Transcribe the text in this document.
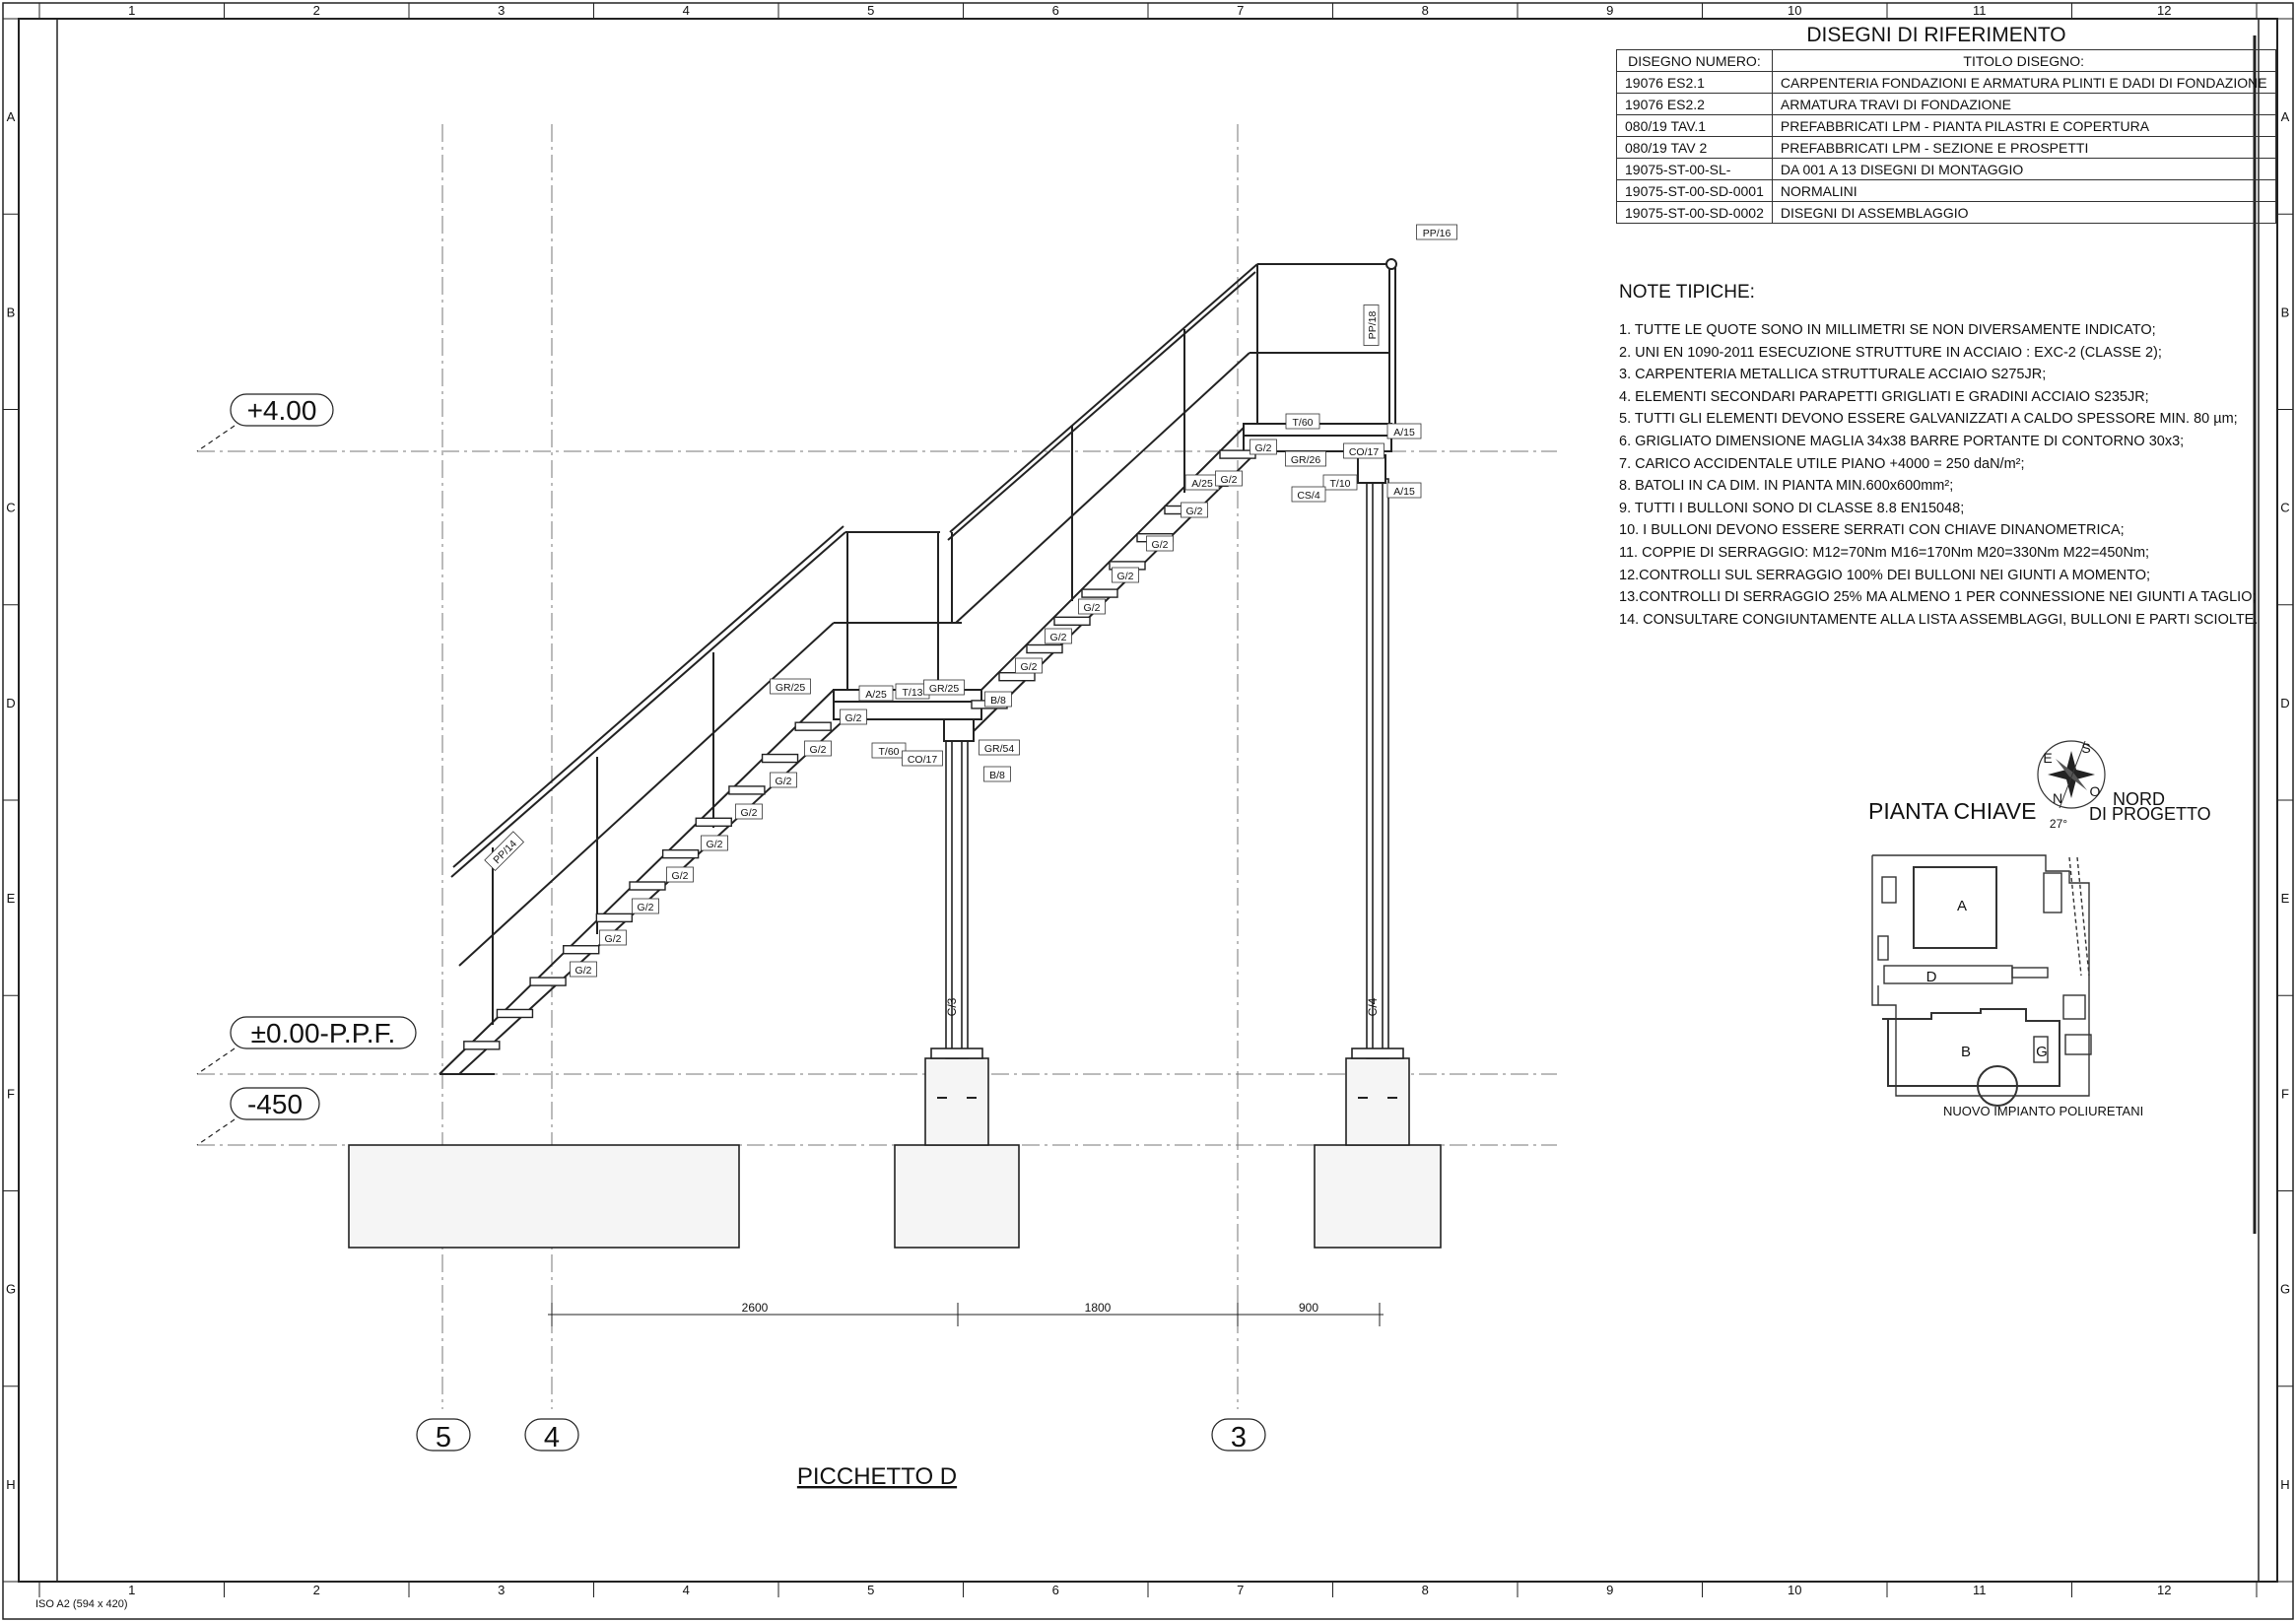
1
1
2
2
3
3
4
4
5
5
6
6
7
7
8
8
9
9
10
10
11
11
12
12
A	A
B	B
C	C
D	D
E	E
F	F
G	G
H	H
+4.00
±0.00-P.P.F.
-450
5	4	3
2600	1800	900
PICCHETTO D
C/3	C/4
PP/16
PP/18
PP/14
T/60
A/15
GR/26
CO/17
T/10
CS/4	A/15
A/25
A/25 T/13
GR/25	GR/25
B/8
T/60
CO/17
GR/54
B/8
G/2
G/2
G/2
G/2
G/2
G/2
G/2
G/2
G/2
G/2
G/2
G/2
G/2
G/2
G/2
G/2
G/2
A
D
B	G
E
S
O
N
27°
DISEGNI DI RIFERIMENTO
DISEGNO NUMERO:	TITOLO DISEGNO:
19076 ES2.1	CARPENTERIA FONDAZIONI E ARMATURA PLINTI E DADI DI FONDAZIONE
19076 ES2.2	ARMATURA TRAVI DI FONDAZIONE
080/19 TAV.1	PREFABBRICATI LPM - PIANTA PILASTRI E COPERTURA
080/19 TAV 2	PREFABBRICATI LPM - SEZIONE E PROSPETTI
19075-ST-00-SL-	DA 001 A 13 DISEGNI DI MONTAGGIO
19075-ST-00-SD-0001	NORMALINI
19075-ST-00-SD-0002	DISEGNI DI ASSEMBLAGGIO
NOTE TIPICHE:
1. TUTTE LE QUOTE SONO IN MILLIMETRI SE NON DIVERSAMENTE INDICATO;
2. UNI EN 1090-2011 ESECUZIONE STRUTTURE IN ACCIAIO : EXC-2 (CLASSE 2);
3. CARPENTERIA METALLICA STRUTTURALE ACCIAIO S275JR;
4. ELEMENTI SECONDARI PARAPETTI GRIGLIATI E GRADINI ACCIAIO S235JR;
5. TUTTI GLI ELEMENTI DEVONO ESSERE GALVANIZZATI A CALDO SPESSORE MIN. 80 µm;
6. GRIGLIATO DIMENSIONE MAGLIA 34x38 BARRE PORTANTE DI CONTORNO 30x3;
7. CARICO ACCIDENTALE UTILE PIANO +4000 = 250 daN/m²;
8. BATOLI IN CA DIM. IN PIANTA MIN.600x600mm²;
9. TUTTI I BULLONI SONO DI CLASSE 8.8 EN15048;
10. I BULLONI DEVONO ESSERE SERRATI CON CHIAVE DINANOMETRICA;
11. COPPIE DI SERRAGGIO: M12=70Nm M16=170Nm M20=330Nm M22=450Nm;
12.CONTROLLI SUL SERRAGGIO 100% DEI BULLONI NEI GIUNTI A MOMENTO;
13.CONTROLLI DI SERRAGGIO 25% MA ALMENO 1 PER CONNESSIONE NEI GIUNTI A TAGLIO;
14. CONSULTARE CONGIUNTAMENTE ALLA LISTA ASSEMBLAGGI, BULLONI E PARTI SCIOLTE.
PIANTA CHIAVE	NORD
DI PROGETTO
NUOVO IMPIANTO POLIURETANI
ISO A2 (594 x 420)
